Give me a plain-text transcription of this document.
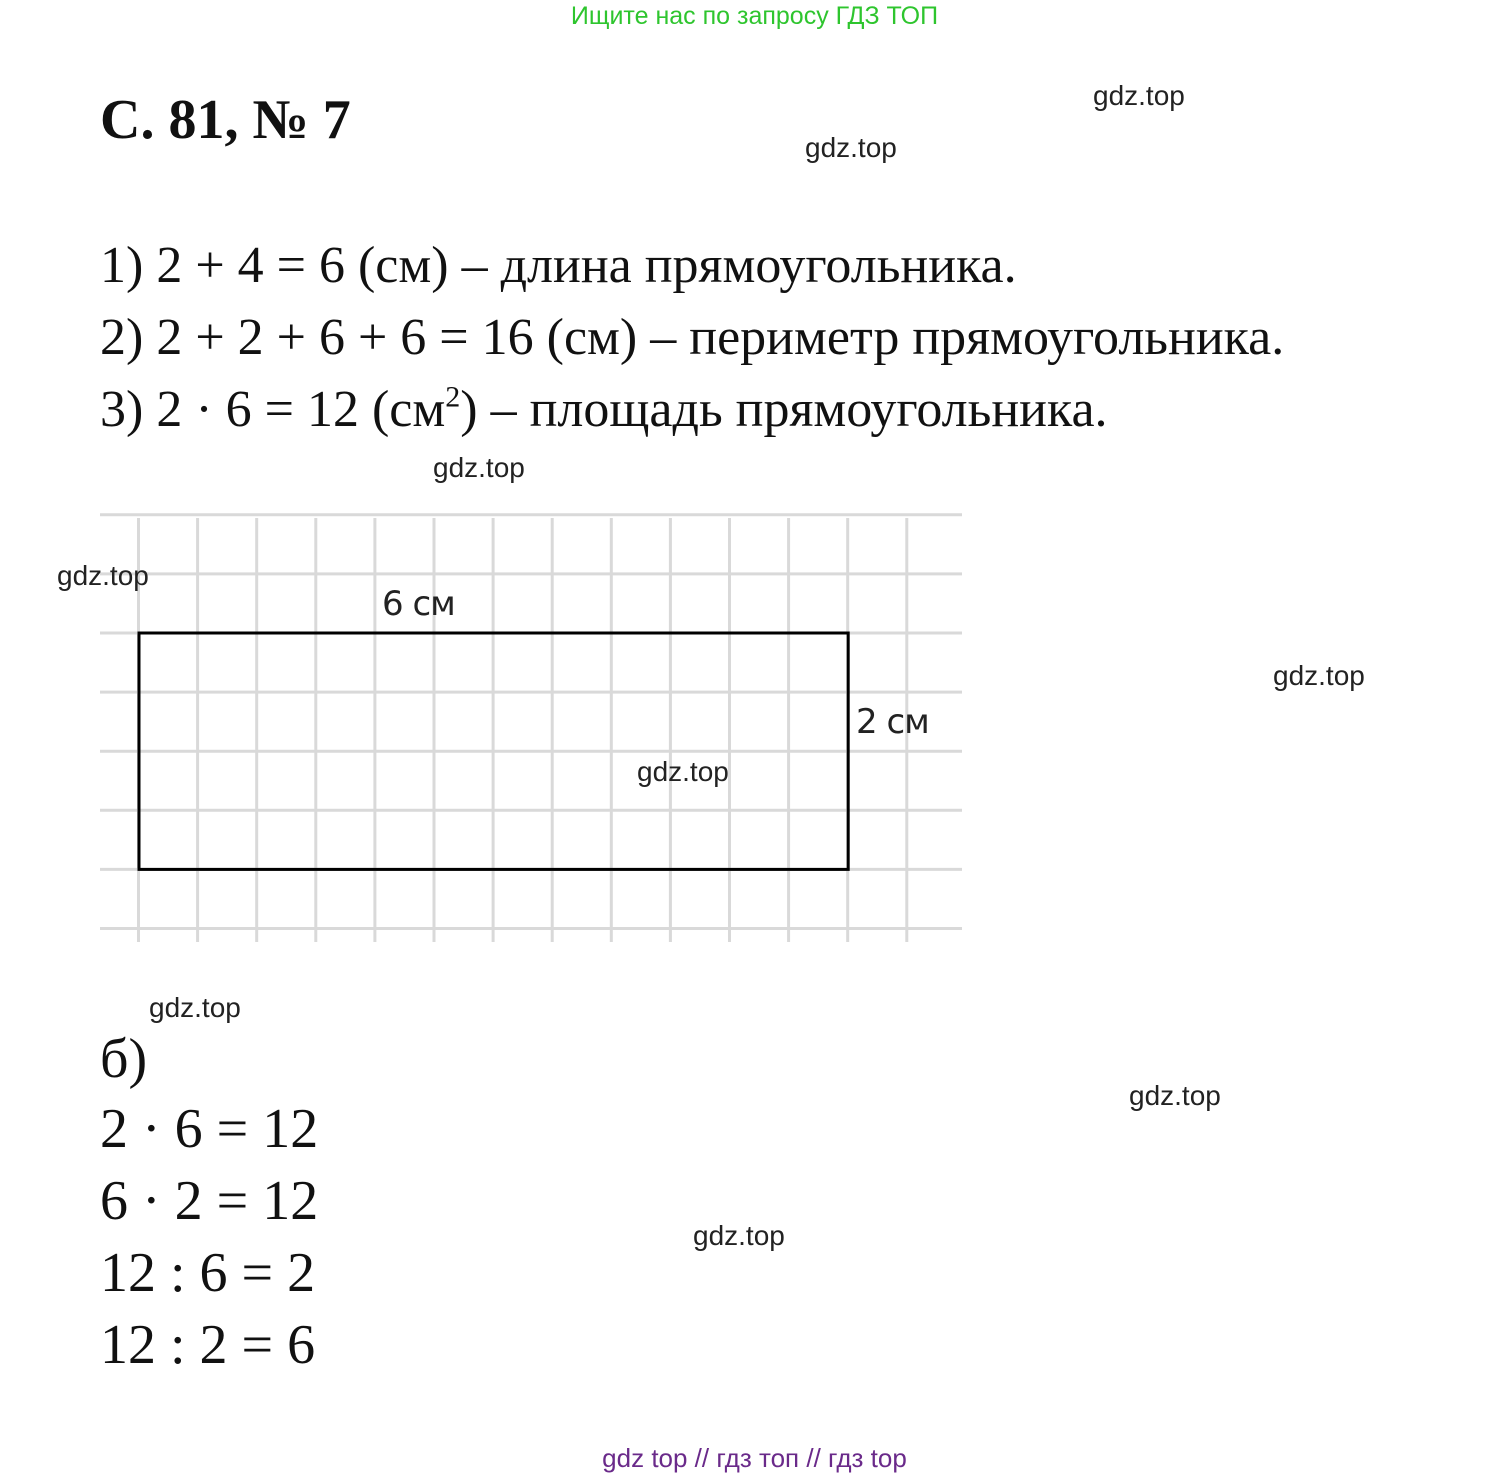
Ищите нас по запросу ГДЗ ТОП
С. 81, № 7
1) 2 + 4 = 6 (см) – длина прямоугольника.
2) 2 + 2 + 6 + 6 = 16 (см) – периметр прямоугольника.
3) 2 · 6 = 12 $(см^2)$ – площадь прямоугольника.
6 см
2 см
б)
2 · 6 = 12
6 · 2 = 12
12 : 6 = 2
12 : 2 = 6
gdz.top
gdz.top
gdz.top
gdz.top
gdz.top
gdz.top
gdz.top
gdz.top
gdz.top
gdz top // гдз топ // гдз top
